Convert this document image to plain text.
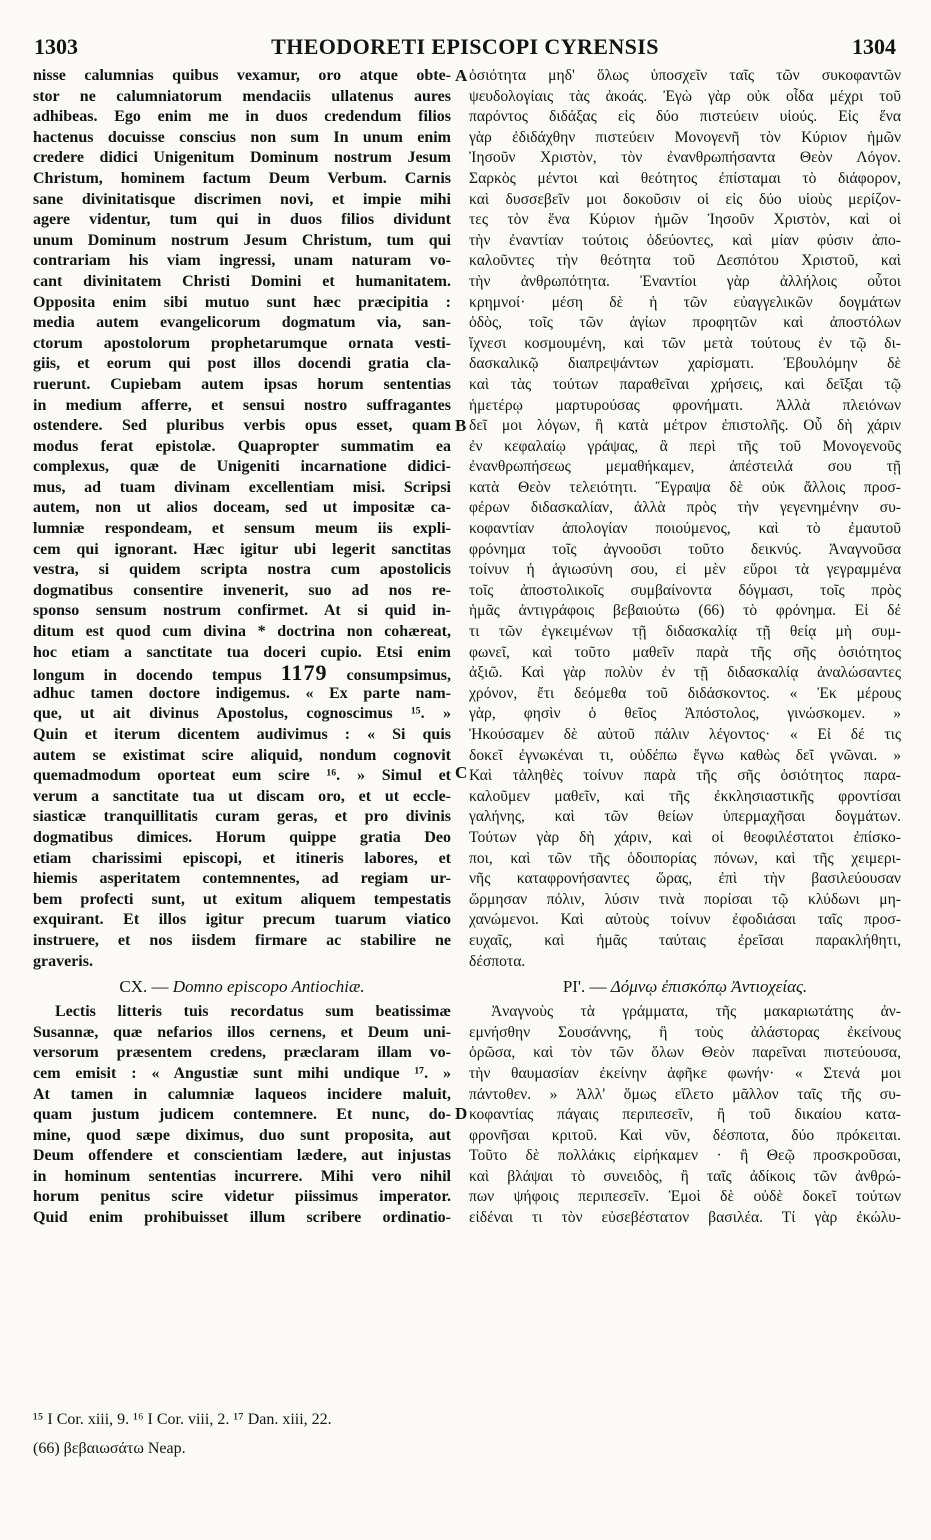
1303	THEODORETI EPISCOPI CYRENSIS	1304
nisse calumnias quibus vexamur, oro atque obte-
stor ne calumniatorum mendaciis ullatenus aures
adhibeas. Ego enim me in duos credendum filios
hactenus docuisse conscius non sum In unum enim
credere didici Unigenitum Dominum nostrum Jesum
Christum, hominem factum Deum Verbum. Carnis
sane divinitatisque discrimen novi, et impie mihi
agere videntur, tum qui in duos filios dividunt
unum Dominum nostrum Jesum Christum, tum qui
contrariam his viam ingressi, unam naturam vo-
cant divinitatem Christi Domini et humanitatem.
Opposita enim sibi mutuo sunt hæc præcipitia :
media autem evangelicorum dogmatum via, san-
ctorum apostolorum prophetarumque ornata vesti-
giis, et eorum qui post illos docendi gratia cla-
ruerunt. Cupiebam autem ipsas horum sententias
in medium afferre, et sensui nostro suffragantes
ostendere. Sed pluribus verbis opus esset, quam
modus ferat epistolæ. Quapropter summatim ea
complexus, quæ de Unigeniti incarnatione didici-
mus, ad tuam divinam excellentiam misi. Scripsi
autem, non ut alios doceam, sed ut impositæ ca-
lumniæ respondeam, et sensum meum iis expli-
cem qui ignorant. Hæc igitur ubi legerit sanctitas
vestra, si quidem scripta nostra cum apostolicis
dogmatibus consentire invenerit, suo ad nos re-
sponso sensum nostrum confirmet. At si quid in-
ditum est quod cum divina * doctrina non cohæreat,
hoc etiam a sanctitate tua doceri cupio. Etsi enim
longum in docendo tempus 1179 consumpsimus,
adhuc tamen doctore indigemus. « Ex parte nam-
que, ut ait divinus Apostolus, cognoscimus ¹⁵. »
Quin et iterum dicentem audivimus : « Si quis
autem se existimat scire aliquid, nondum cognovit
quemadmodum oporteat eum scire ¹⁶. » Simul et
verum a sanctitate tua ut discam oro, et ut eccle-
siasticæ tranquillitatis curam geras, et pro divinis
dogmatibus dimices. Horum quippe gratia Deo
etiam charissimi episcopi, et itineris labores, et
hiemis asperitatem contemnentes, ad regiam ur-
bem profecti sunt, ut exitum aliquem tempestatis
exquirant. Et illos igitur precum tuarum viatico
instruere, et nos iisdem firmare ac stabilire ne
graveris.
CX. — Domno episcopo Antiochiæ.
Lectis litteris tuis recordatus sum beatissimæ
Susannæ, quæ nefarios illos cernens, et Deum uni-
versorum præsentem credens, præclaram illam vo-
cem emisit : « Angustiæ sunt mihi undique ¹⁷. »
At tamen in calumniæ laqueos incidere maluit,
quam justum judicem contemnere. Et nunc, do-
mine, quod sæpe diximus, duo sunt proposita, aut
Deum offendere et conscientiam lædere, aut injustas
in hominum sententias incurrere. Mihi vero nihil
horum penitus scire videtur piissimus imperator.
Quid enim prohibuisset illum scribere ordinatio-
ὁσιότητα μηδ' ὅλως ὑποσχεῖν ταῖς τῶν συκοφαντῶν
ψευδολογίαις τὰς ἀκοάς. Ἐγὼ γὰρ οὐκ οἶδα μέχρι τοῦ
παρόντος διδάξας εἰς δύο πιστεύειν υἱούς. Εἰς ἕνα
γὰρ ἐδιδάχθην πιστεύειν Μονογενῆ τὸν Κύριον ἡμῶν
Ἰησοῦν Χριστὸν, τὸν ἐνανθρωπήσαντα Θεὸν Λόγον.
Σαρκὸς μέντοι καὶ θεότητος ἐπίσταμαι τὸ διάφορον,
καὶ δυσσεβεῖν μοι δοκοῦσιν οἱ εἰς δύο υἱοὺς μερίζον-
τες τὸν ἕνα Κύριον ἡμῶν Ἰησοῦν Χριστὸν, καὶ οἱ
τὴν ἐναντίαν τούτοις ὁδεύοντες, καὶ μίαν φύσιν ἀπο-
καλοῦντες τὴν θεότητα τοῦ Δεσπότου Χριστοῦ, καὶ
τὴν ἀνθρωπότητα. Ἐναντίοι γὰρ ἀλλήλοις οὗτοι
κρημνοί· μέση δὲ ἡ τῶν εὐαγγελικῶν δογμάτων
ὁδὸς, τοῖς τῶν ἁγίων προφητῶν καὶ ἀποστόλων
ἴχνεσι κοσμουμένη, καὶ τῶν μετὰ τούτους ἐν τῷ δι-
δασκαλικῷ διαπρεψάντων χαρίσματι. Ἐβουλόμην δὲ
καὶ τὰς τούτων παραθεῖναι χρήσεις, καὶ δεῖξαι τῷ
ἡμετέρῳ μαρτυρούσας φρονήματι. Ἀλλὰ πλειόνων
δεῖ μοι λόγων, ἢ κατὰ μέτρον ἐπιστολῆς. Οὗ δὴ χάριν
ἐν κεφαλαίῳ γράψας, ἃ περὶ τῆς τοῦ Μονογενοῦς
ἐνανθρωπήσεως μεμαθήκαμεν, ἀπέστειλά σου τῇ
κατὰ Θεὸν τελειότητι. Ἔγραψα δὲ οὐκ ἄλλοις προσ-
φέρων διδασκαλίαν, ἀλλὰ πρὸς τὴν γεγενημένην συ-
κοφαντίαν ἀπολογίαν ποιούμενος, καὶ τὸ ἐμαυτοῦ
φρόνημα τοῖς ἀγνοοῦσι τοῦτο δεικνύς. Ἀναγνοῦσα
τοίνυν ἡ ἁγιωσύνη σου, εἰ μὲν εὕροι τὰ γεγραμμένα
τοῖς ἀποστολικοῖς συμβαίνοντα δόγμασι, τοῖς πρὸς
ἡμᾶς ἀντιγράφοις βεβαιούτω (66) τὸ φρόνημα. Εἰ δέ
τι τῶν ἐγκειμένων τῇ διδασκαλίᾳ τῇ θείᾳ μὴ συμ-
φωνεῖ, καὶ τοῦτο μαθεῖν παρὰ τῆς σῆς ὁσιότητος
ἀξιῶ. Καὶ γὰρ πολὺν ἐν τῇ διδασκαλίᾳ ἀναλώσαντες
χρόνον, ἔτι δεόμεθα τοῦ διδάσκοντος. « Ἐκ μέρους
γὰρ, φησὶν ὁ θεῖος Ἀπόστολος, γινώσκομεν. »
Ἠκούσαμεν δὲ αὐτοῦ πάλιν λέγοντος· « Εἰ δέ τις
δοκεῖ ἐγνωκέναι τι, οὐδέπω ἔγνω καθὼς δεῖ γνῶναι. »
Καὶ τἀληθὲς τοίνυν παρὰ τῆς σῆς ὁσιότητος παρα-
καλοῦμεν μαθεῖν, καὶ τῆς ἐκκλησιαστικῆς φροντίσαι
γαλήνης, καὶ τῶν θείων ὑπερμαχῆσαι δογμάτων.
Τούτων γὰρ δὴ χάριν, καὶ οἱ θεοφιλέστατοι ἐπίσκο-
ποι, καὶ τῶν τῆς ὁδοιπορίας πόνων, καὶ τῆς χειμερι-
νῆς καταφρονήσαντες ὥρας, ἐπὶ τὴν βασιλεύουσαν
ὥρμησαν πόλιν, λύσιν τινὰ πορίσαι τῷ κλύδωνι μη-
χανώμενοι. Καὶ αὐτοὺς τοίνυν ἐφοδιάσαι ταῖς προσ-
ευχαῖς, καὶ ἡμᾶς ταύταις ἐρεῖσαι παρακλήθητι,
δέσποτα.
ΡΙ'. — Δόμνῳ ἐπισκόπῳ Ἀντιοχείας.
Ἀναγνοὺς τὰ γράμματα, τῆς μακαριωτάτης ἀν-
εμνήσθην Σουσάννης, ἣ τοὺς ἀλάστορας ἐκείνους
ὁρῶσα, καὶ τὸν τῶν ὅλων Θεὸν παρεῖναι πιστεύουσα,
τὴν θαυμασίαν ἐκείνην ἀφῆκε φωνήν· « Στενά μοι
πάντοθεν. » Ἀλλ' ὅμως εἵλετο μᾶλλον ταῖς τῆς συ-
κοφαντίας πάγαις περιπεσεῖν, ἢ τοῦ δικαίου κατα-
φρονῆσαι κριτοῦ. Καὶ νῦν, δέσποτα, δύο πρόκειται.
Τοῦτο δὲ πολλάκις εἰρήκαμεν · ἢ Θεῷ προσκροῦσαι,
καὶ βλάψαι τὸ συνειδὸς, ἢ ταῖς ἀδίκοις τῶν ἀνθρώ-
πων ψήφοις περιπεσεῖν. Ἐμοὶ δὲ οὐδὲ δοκεῖ τούτων
εἰδέναι τι τὸν εὐσεβέστατον βασιλέα. Τί γὰρ ἐκώλυ-
A
B
C
D
¹⁵ I Cor. xiii, 9. ¹⁶ I Cor. viii, 2. ¹⁷ Dan. xiii, 22.
(66) βεβαιωσάτω Neap.
